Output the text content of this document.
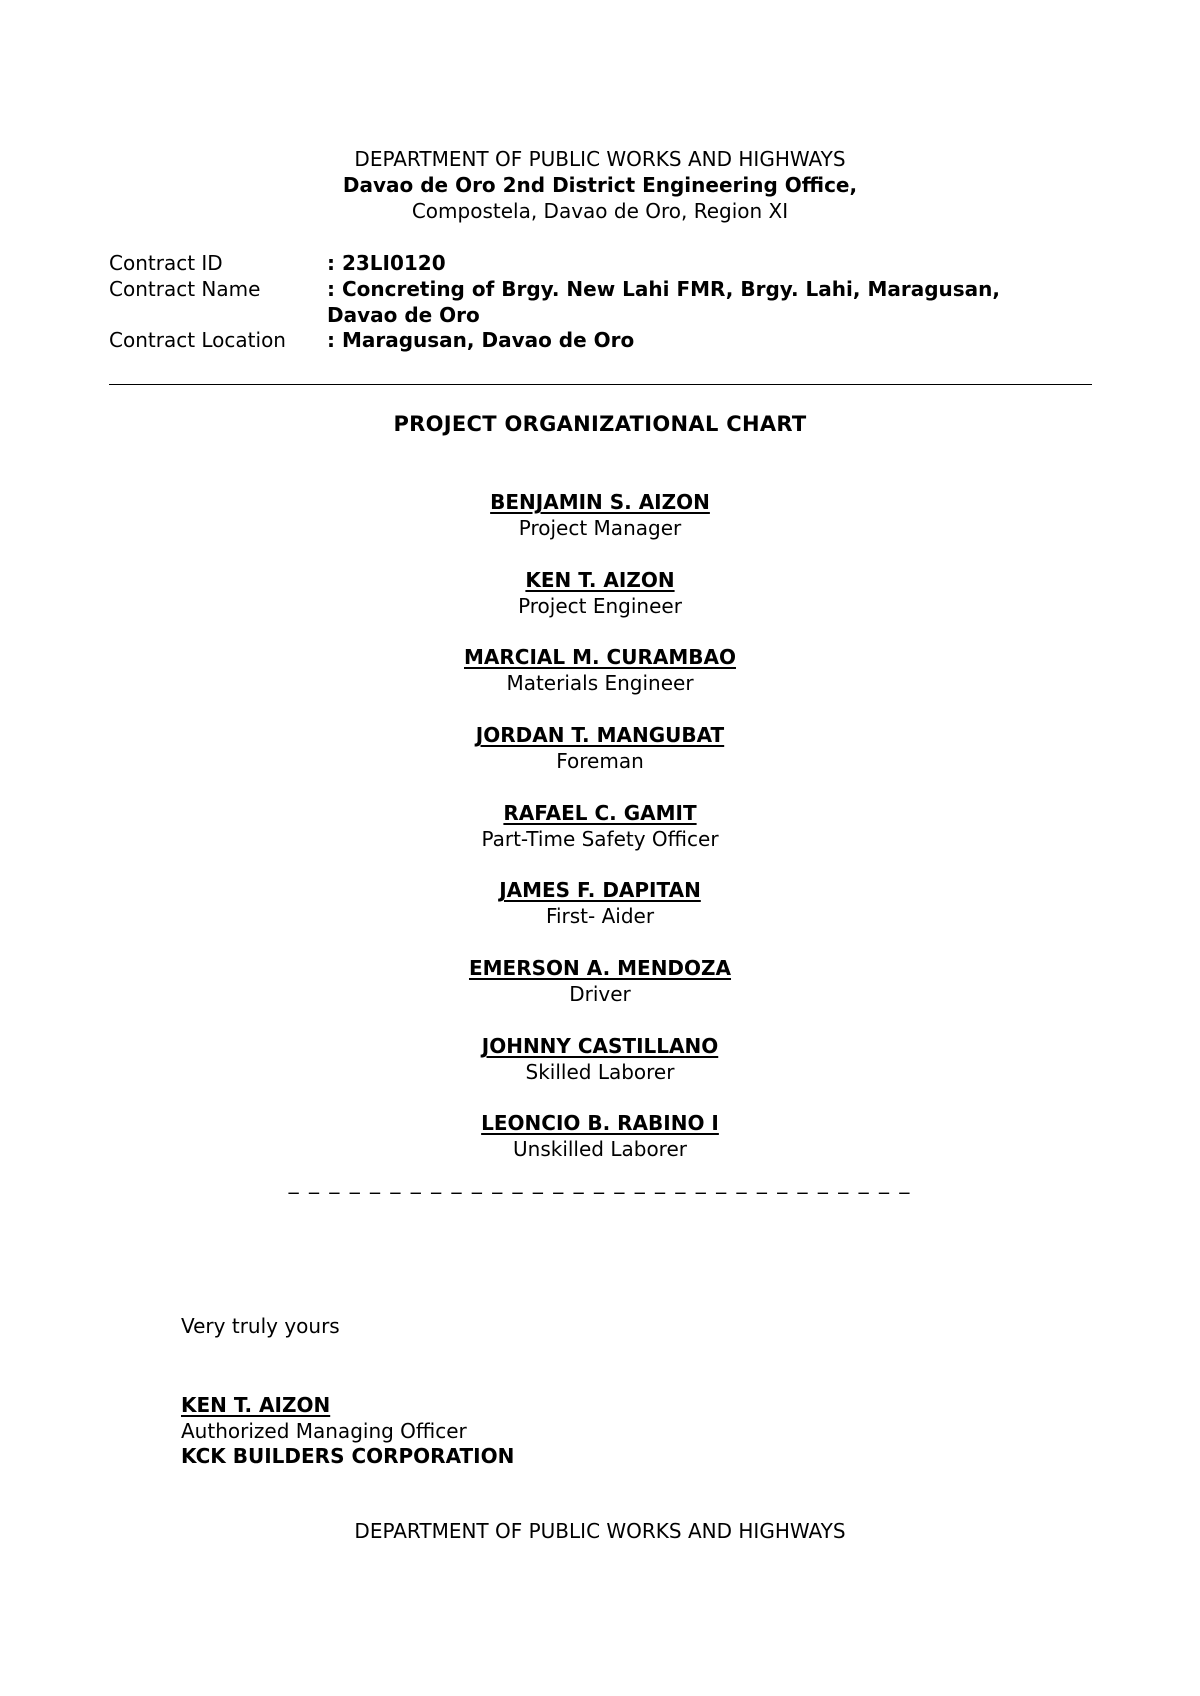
DEPARTMENT OF PUBLIC WORKS AND HIGHWAYS
Davao de Oro 2nd District Engineering Office,
Compostela, Davao de Oro, Region XI
Contract ID	: 23LI0120
Contract Name	: Concreting of Brgy. New Lahi FMR, Brgy. Lahi, Maragusan,
Davao de Oro
Contract Location : Maragusan, Davao de Oro
PROJECT ORGANIZATIONAL CHART
BENJAMIN S. AIZON
Project Manager
KEN T. AIZON
Project Engineer
MARCIAL M. CURAMBAO
Materials Engineer
JORDAN T. MANGUBAT
Foreman
RAFAEL C. GAMIT
Part-Time Safety Officer
JAMES F. DAPITAN
First- Aider
EMERSON A. MENDOZA
Driver
JOHNNY CASTILLANO
Skilled Laborer
LEONCIO B. RABINO I
Unskilled Laborer
_ _ _ _ _ _ _ _ _ _ _ _ _ _ _ _ _ _ _ _ _ _ _ _ _ _ _ _ _ _ _
Very truly yours
KEN T. AIZON
Authorized Managing Officer
KCK BUILDERS CORPORATION
DEPARTMENT OF PUBLIC WORKS AND HIGHWAYS
